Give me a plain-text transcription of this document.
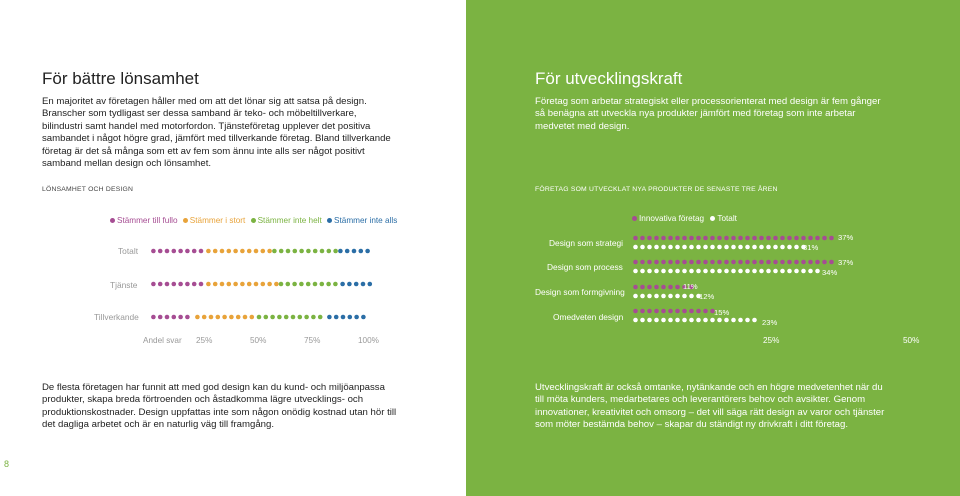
För bättre lönsamhet
En majoritet av företagen håller med om att det lönar sig att satsa på design. Branscher som tydligast ser dessa samband är teko- och möbeltillverkare, bilindustri samt handel med motorfordon. Tjänsteföretag upplever det positiva sambandet i något högre grad, jämfört med tillverkande företag. Bland tillverkande företag är det så många som ett av fem som ännu inte alls ser något positivt samband mellan design och lönsamhet.
LÖNSAMHET OCH DESIGN
Stämmer till fullo Stämmer i stort Stämmer inte helt Stämmer inte alls
Totalt
Tjänste
Tillverkande
Andel svar 25%	50%	75%	100%
De flesta företagen har funnit att med god design kan du kund- och miljöanpassa produkter, skapa breda förtroenden och åstadkomma lägre utvecklings- och produktionskostnader. Design uppfattas inte som någon onödig kostnad utan hör till det dagliga arbetet och är en naturlig väg till framgång.
8
För utvecklingskraft
Företag som arbetar strategiskt eller processorienterat med design är fem gånger så benägna att utveckla nya produkter jämfört med företag som inte arbetar medvetet med design.
FÖRETAG SOM UTVECKLAT NYA PRODUKTER DE SENASTE TRE ÅREN
Innovativa företag Totalt
Design som strategi
Design som process
Design som formgivning
Omedveten design
37%
31%
37%
34%
11%
12%
15%
23%
25%	50%
Utvecklingskraft är också omtanke, nytänkande och en högre medvetenhet när du till möta kunders, medarbetares och leverantörers behov och avsikter. Genom innovationer, kreativitet och omsorg – det vill säga rätt design av varor och tjänster som möter bestämda behov – skapar du ständigt ny drivkraft i ditt företag.
